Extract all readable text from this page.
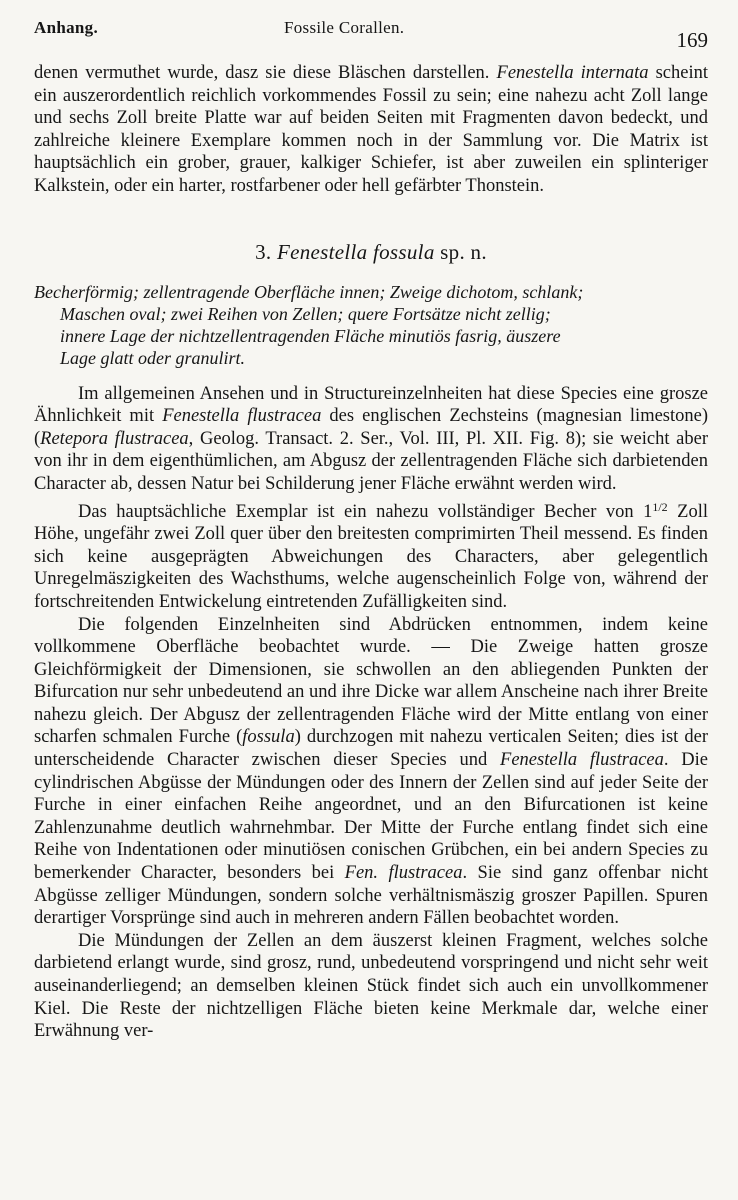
Anhang.	Fossile Corallen.
169

denen vermuthet wurde, dasz sie diese Bläschen darstellen. Fenestella internata scheint ein auszerordentlich reichlich vorkommendes Fossil zu sein; eine nahezu acht Zoll lange und sechs Zoll breite Platte war auf beiden Seiten mit Fragmenten davon bedeckt, und zahlreiche kleinere Exemplare kommen noch in der Sammlung vor. Die Matrix ist hauptsächlich ein grober, grauer, kalkiger Schiefer, ist aber zuweilen ein splinteriger Kalkstein, oder ein harter, rostfarbener oder hell gefärbter Thonstein.

3. Fenestella fossula sp. n.
Becherförmig; zellentragende Oberfläche innen; Zweige dichotom, schlank;
Maschen oval; zwei Reihen von Zellen; quere Fortsätze nicht zellig;
innere Lage der nichtzellentragenden Fläche minutiös fasrig, äuszere
Lage glatt oder granulirt.

Im allgemeinen Ansehen und in Structureinzelnheiten hat diese Species eine grosze Ähnlichkeit mit Fenestella flustracea des englischen Zechsteins (magnesian limestone) (Retepora flustracea, Geolog. Transact. 2. Ser., Vol. III, Pl. XII. Fig. 8); sie weicht aber von ihr in dem eigenthümlichen, am Abgusz der zellentragenden Fläche sich darbietenden Character ab, dessen Natur bei Schilderung jener Fläche erwähnt werden wird.

Das hauptsächliche Exemplar ist ein nahezu vollständiger Becher von $1^{1/2}$ Zoll Höhe, ungefähr zwei Zoll quer über den breitesten comprimirten Theil messend. Es finden sich keine ausgeprägten Abweichungen des Characters, aber gelegentlich Unregelmäszigkeiten des Wachsthums, welche augenscheinlich Folge von, während der fortschreitenden Entwickelung eintretenden Zufälligkeiten sind.

Die folgenden Einzelnheiten sind Abdrücken entnommen, indem keine vollkommene Oberfläche beobachtet wurde. — Die Zweige hatten grosze Gleichförmigkeit der Dimensionen, sie schwollen an den abliegenden Punkten der Bifurcation nur sehr unbedeutend an und ihre Dicke war allem Anscheine nach ihrer Breite nahezu gleich. Der Abgusz der zellentragenden Fläche wird der Mitte entlang von einer scharfen schmalen Furche (fossula) durchzogen mit nahezu verticalen Seiten; dies ist der unterscheidende Character zwischen dieser Species und Fenestella flustracea. Die cylindrischen Abgüsse der Mündungen oder des Innern der Zellen sind auf jeder Seite der Furche in einer einfachen Reihe angeordnet, und an den Bifurcationen ist keine Zahlenzunahme deutlich wahrnehmbar. Der Mitte der Furche entlang findet sich eine Reihe von Indentationen oder minutiösen conischen Grübchen, ein bei andern Species zu bemerkender Character, besonders bei Fen. flustracea. Sie sind ganz offenbar nicht Abgüsse zelliger Mündungen, sondern solche verhältnismäszig groszer Papillen. Spuren derartiger Vorsprünge sind auch in mehreren andern Fällen beobachtet worden.

Die Mündungen der Zellen an dem äuszerst kleinen Fragment, welches solche darbietend erlangt wurde, sind grosz, rund, unbedeutend vorspringend und nicht sehr weit auseinanderliegend; an demselben kleinen Stück findet sich auch ein unvollkommener Kiel. Die Reste der nichtzelligen Fläche bieten keine Merkmale dar, welche einer Erwähnung ver-
